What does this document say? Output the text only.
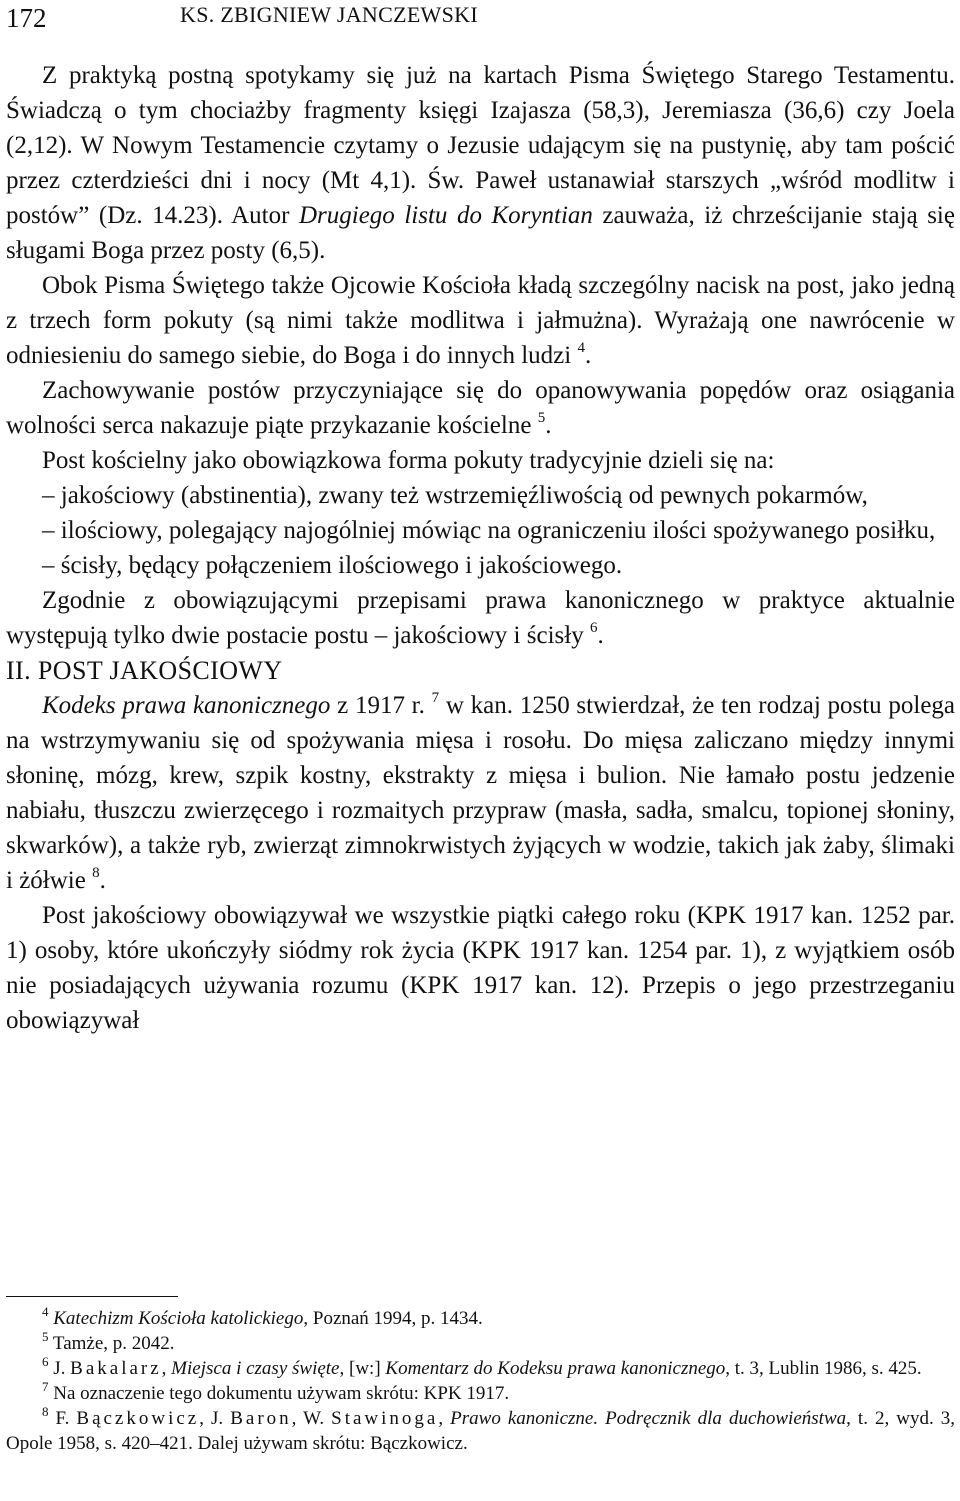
172	KS. ZBIGNIEW JANCZEWSKI

Z praktyką postną spotykamy się już na kartach Pisma Świętego Starego Testamentu. Świadczą o tym chociażby fragmenty księgi Izajasza (58,3), Jeremiasza (36,6) czy Joela (2,12). W Nowym Testamencie czytamy o Jezusie udającym się na pustynię, aby tam pościć przez czterdzieści dni i nocy (Mt 4,1). Św. Paweł ustanawiał starszych „wśród modlitw i postów” (Dz. 14.23). Autor Drugiego listu do Koryntian zauważa, iż chrześcijanie stają się sługami Boga przez posty (6,5).

Obok Pisma Świętego także Ojcowie Kościoła kładą szczególny nacisk na post, jako jedną z trzech form pokuty (są nimi także modlitwa i jałmużna). Wyrażają one nawrócenie w odniesieniu do samego siebie, do Boga i do innych ludzi $^4$.

Zachowywanie postów przyczyniające się do opanowywania popędów oraz osiągania wolności serca nakazuje piąte przykazanie kościelne $^5$.

Post kościelny jako obowiązkowa forma pokuty tradycyjnie dzieli się na:

– jakościowy (abstinentia), zwany też wstrzemięźliwością od pewnych pokarmów,

– ilościowy, polegający najogólniej mówiąc na ograniczeniu ilości spożywanego posiłku,

– ścisły, będący połączeniem ilościowego i jakościowego.

Zgodnie z obowiązującymi przepisami prawa kanonicznego w praktyce aktualnie występują tylko dwie postacie postu – jakościowy i ścisły $^6$.

II. POST JAKOŚCIOWY

Kodeks prawa kanonicznego z 1917 r. $^7$ w kan. 1250 stwierdzał, że ten rodzaj postu polega na wstrzymywaniu się od spożywania mięsa i rosołu. Do mięsa zaliczano między innymi słoninę, mózg, krew, szpik kostny, ekstrakty z mięsa i bulion. Nie łamało postu jedzenie nabiału, tłuszczu zwierzęcego i rozmaitych przypraw (masła, sadła, smalcu, topionej słoniny, skwarków), a także ryb, zwierząt zimnokrwistych żyjących w wodzie, takich jak żaby, ślimaki i żółwie $^8$.

Post jakościowy obowiązywał we wszystkie piątki całego roku (KPK 1917 kan. 1252 par. 1) osoby, które ukończyły siódmy rok życia (KPK 1917 kan. 1254 par. 1), z wyjątkiem osób nie posiadających używania rozumu (KPK 1917 kan. 12). Przepis o jego przestrzeganiu obowiązywał

$^4$ Katechizm Kościoła katolickiego, Poznań 1994, p. 1434.

$^5$ Tamże, p. 2042.

$^6$ J. Bakalarz, Miejsca i czasy święte, [w:] Komentarz do Kodeksu prawa kanonicznego, t. 3, Lublin 1986, s. 425.

$^7$ Na oznaczenie tego dokumentu używam skrótu: KPK 1917.

$^8$ F. Bączkowicz, J. Baron, W. Stawinoga, Prawo kanoniczne. Podręcznik dla duchowieństwa, t. 2, wyd. 3, Opole 1958, s. 420–421. Dalej używam skrótu: Bączkowicz.
